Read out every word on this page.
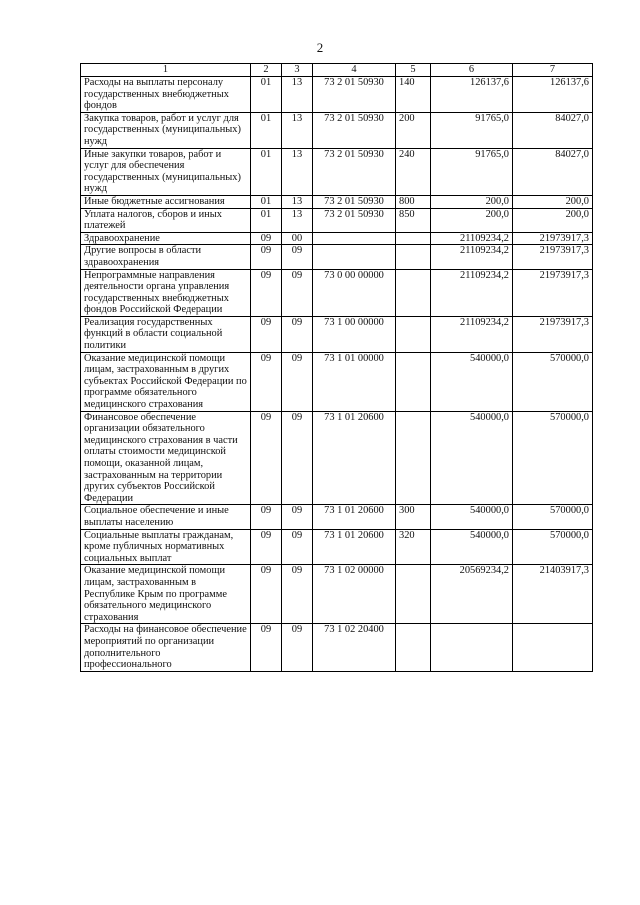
2
1	2	3	4	5	6	7
Расходы на выплаты персоналу государственных внебюджетных фондов	01	13	73 2 01 50930	140	126137,6	126137,6
Закупка товаров, работ и услуг для государственных (муниципальных) нужд	01	13	73 2 01 50930	200	91765,0	84027,0
Иные закупки товаров, работ и услуг для обеспечения государственных (муниципальных) нужд	01	13	73 2 01 50930	240	91765,0	84027,0
Иные бюджетные ассигнования	01	13	73 2 01 50930	800	200,0	200,0
Уплата налогов, сборов и иных платежей	01	13	73 2 01 50930	850	200,0	200,0
Здравоохранение	09	00			21109234,2	21973917,3
Другие вопросы в области здравоохранения	09	09			21109234,2	21973917,3
Непрограммные направления деятельности органа управления государственных внебюджетных фондов Российской Федерации	09	09	73 0 00 00000		21109234,2	21973917,3
Реализация государственных функций в области социальной политики	09	09	73 1 00 00000		21109234,2	21973917,3
Оказание медицинской помощи лицам, застрахованным в других субъектах Российской Федерации по программе обязательного медицинского страхования	09	09	73 1 01 00000		540000,0	570000,0
Финансовое обеспечение организации обязательного медицинского страхования в части оплаты стоимости медицинской помощи, оказанной лицам, застрахованным на территории других субъектов Российской Федерации	09	09	73 1 01 20600		540000,0	570000,0
Социальное обеспечение и иные выплаты населению	09	09	73 1 01 20600	300	540000,0	570000,0
Социальные выплаты гражданам, кроме публичных нормативных социальных выплат	09	09	73 1 01 20600	320	540000,0	570000,0
Оказание медицинской помощи лицам, застрахованным в Республике Крым по программе обязательного медицинского страхования	09	09	73 1 02 00000		20569234,2	21403917,3
Расходы на финансовое обеспечение мероприятий по организации дополнительного профессионального	09	09	73 1 02 20400			
